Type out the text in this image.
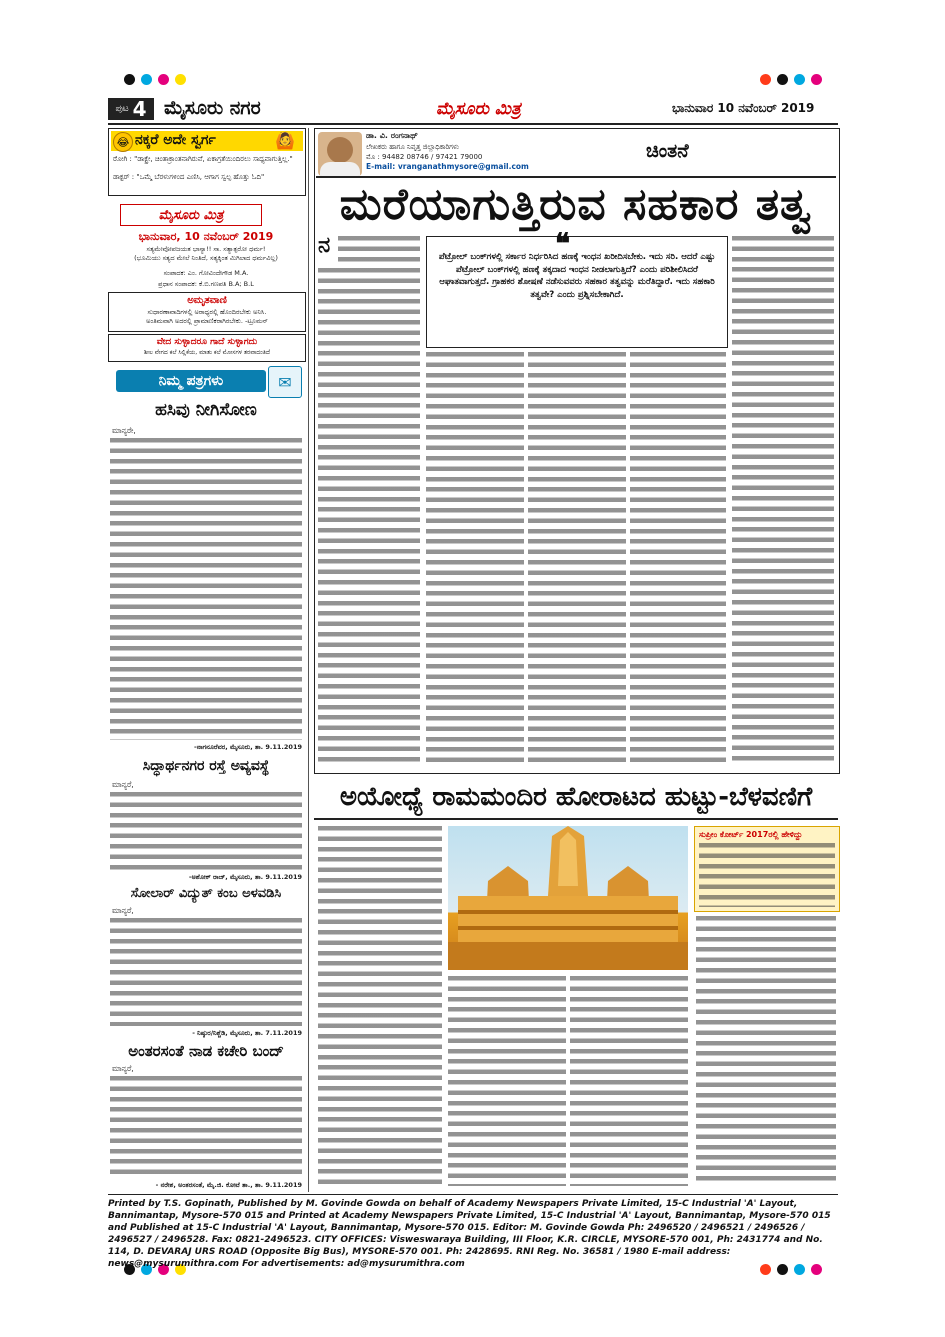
ಪುಟ 4 ಮೈಸೂರು ನಗರ	ಮೈಸೂರು ಮಿತ್ರ	ಭಾನುವಾರ 10 ನವೆಂಬರ್ 2019
😂 ನಕ್ಕರೆ ಅದೇ ಸ್ವರ್ಗ	🙆
ರೋಗಿ : "ಡಾಕ್ಟ್ರೇ, ಚಿಂತಾಕ್ರಾಂತನಾಗಿರುವೆ, ಏಕಾಗ್ರತೆಯಿಂದಿರಲು ಸಾಧ್ಯವಾಗುತ್ತಿಲ್ಲ."
ಡಾಕ್ಟರ್ : "ಒಮ್ಮೆ ಬೆರಳುಗಳಿಂದ ಎಣಿಸಿ, ಆಗಾಗ ಸ್ವಲ್ಪ ಹೊತ್ತು ಓದಿ"
ಮೈಸೂರು ಮಿತ್ರ
ಭಾನುವಾರ, 10 ನವೆಂಬರ್ 2019
ಸತ್ಯಮೇವೋಪಜಯತ ಭಾಸ್ಯಾ!! ಸಾ. ಸತ್ಯಾತ್ಪರೋ ಧರ್ಮ!
(ಭೂಮಿಯು ಸತ್ಯದ ಮೇಲೆ ನಿಂತಿದೆ, ಸತ್ಯಕ್ಕಿಂತ ಮಿಗಿಲಾದ ಧರ್ಮವಿಲ್ಲ)
ಸಂಪಾದಕ: ಎಂ. ಗೋವಿಂದೇಗೌಡ M.A.
ಪ್ರಧಾನ ಸಂಪಾದಕ: ಕೆ.ಬಿ.ಗಣಪತಿ B.A; B.L
ಅಮೃತವಾಣಿ
ಸುಧಾರಣಾವಾದಿಗಳಲ್ಲಿ ಅರಾಧ್ಯರಲ್ಲಿ ಹೊಂದಿರಬೇಕು ಅನಿಸಿ.
ಅಂತಿಮವಾಗಿ ಅದರಲ್ಲಿ ಪ್ರಾಮಾಣಿಕರಾಗಿರಬೇಕು. -ಟ್ರೂಮನ್
ವೇದ ಸುಳ್ಳಾದರೂ ಗಾದೆ ಸುಳ್ಳಾಗದು
ಶೀಲ ವೇಗದ ಕಲೆ ಸಿಲ್ಲಿಕೆಯ, ಮಾತು ಕಲೆ ಮೋಸಗಳ ತರವಾದಂತಿದೆ
ನಿಮ್ಮ ಪತ್ರಗಳು	✉
ಹಸಿವು ನೀಗಿಸೋಣ
ಮಾನ್ಯರೇ,
-ನಾಗನೂರೆವರ, ಮೈಸೂರು, ತಾ. 9.11.2019
ಸಿದ್ಧಾರ್ಥನಗರ ರಸ್ತೆ ಅವ್ಯವಸ್ಥೆ
ಮಾನ್ಯರೆ,
-ಅಶೋಕ್ ರಾಜ್, ಮೈಸೂರು, ತಾ. 9.11.2019
ಸೋಲಾರ್ ವಿದ್ಯುತ್ ಕಂಬ ಅಳವಡಿಸಿ
ಮಾನ್ಯರೆ,
- ನಿಷ್ಠುರ/ನಿಶ್ಚೆಡಿ, ಮೈಸೂರು, ತಾ. 7.11.2019
ಅಂತರಸಂತೆ ನಾಡ ಕಚೇರಿ ಬಂದ್
ಮಾನ್ಯರೆ,
- ನರೇಶ, ಅಂತರಸಂತೆ, ಮೈ.ಜಿ. ಕೋಟೆ ತಾ., ತಾ. 9.11.2019
ಡಾ. ವಿ. ರಂಗನಾಥ್
ಲೇಖಕರು ಹಾಗೂ ನಿವೃತ್ತ ಜಿಲ್ಲಾಧಿಕಾರಿಗಳು
ಮೊ : 94482 08746 / 97421 79000
E-mail: vranganathmysore@gmail.com
ಚಿಂತನೆ
ಮರೆಯಾಗುತ್ತಿರುವ ಸಹಕಾರ ತತ್ವ
ನ	❝
ಪೆಟ್ರೋಲ್ ಬಂಕ್‌ಗಳಲ್ಲಿ ಸರ್ಕಾರ ನಿರ್ಧರಿಸಿದ ಹಣಕ್ಕೆ ಇಂಧನ ಖರೀದಿಸಬೇಕು. ಇದು ಸರಿ. ಆದರೆ ಎಷ್ಟು ಪೆಟ್ರೋಲ್ ಬಂಕ್‌ಗಳಲ್ಲಿ ಹಣಕ್ಕೆ ತಕ್ಕದಾದ ಇಂಧನ ನೀಡಲಾಗುತ್ತಿದೆ? ಎಂದು ಪರಿಶೀಲಿಸಿದರೆ ಆಘಾತವಾಗುತ್ತದೆ. ಗ್ರಾಹಕರ ಶೋಷಣೆ ನಡೆಸುವವರು ಸಹಕಾರ ತತ್ವವನ್ನು ಮರೆತಿದ್ದಾರೆ. ಇದು ಸಹಕಾರಿ ತತ್ವವೇ? ಎಂದು ಪ್ರಶ್ನಿಸಬೇಕಾಗಿದೆ.
ಅಯೋಧ್ಯೆ ರಾಮಮಂದಿರ ಹೋರಾಟದ ಹುಟ್ಟು-ಬೆಳವಣಿಗೆ
ಸುಪ್ರೀಂ ಕೋರ್ಟ್ 2017ರಲ್ಲಿ ಹೇಳಿದ್ದು
Printed by T.S. Gopinath, Published by M. Govinde Gowda on behalf of Academy Newspapers Private Limited, 15-C Industrial 'A' Layout, Bannimantap, Mysore-570 015 and Printed at Academy Newspapers Private Limited, 15-C Industrial 'A' Layout, Bannimantap, Mysore-570 015 and Published at 15-C Industrial 'A' Layout, Bannimantap, Mysore-570 015. Editor: M. Govinde Gowda Ph: 2496520 / 2496521 / 2496526 / 2496527 / 2496528. Fax: 0821-2496523. CITY OFFICES: Visweswaraya Building, III Floor, K.R. CIRCLE, MYSORE-570 001, Ph: 2431774 and No. 114, D. DEVARAJ URS ROAD (Opposite Big Bus), MYSORE-570 001. Ph: 2428695. RNI Reg. No. 36581 / 1980 E-mail address: news@mysurumithra.com For advertisements: ad@mysurumithra.com
